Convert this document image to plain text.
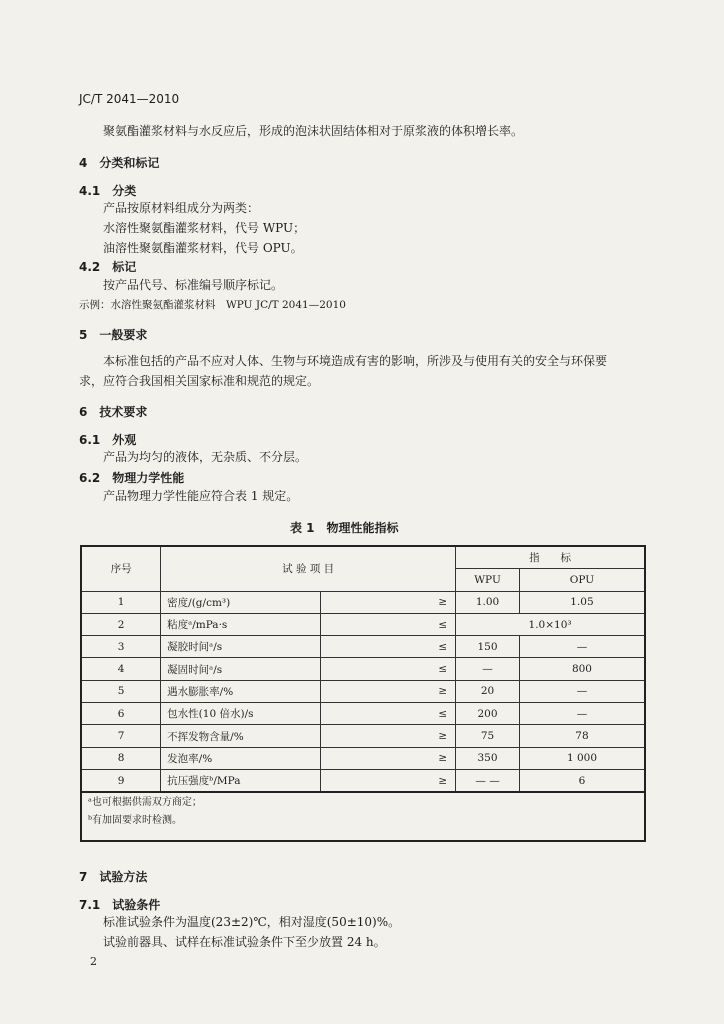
JC/T 2041—2010
聚氨酯灌浆材料与水反应后，形成的泡沫状固结体相对于原浆液的体积增长率。
4　分类和标记
4.1　分类
产品按原材料组成分为两类：
水溶性聚氨酯灌浆材料，代号 WPU；
油溶性聚氨酯灌浆材料，代号 OPU。
4.2　标记
按产品代号、标准编号顺序标记。
示例：水溶性聚氨酯灌浆材料　WPU JC/T 2041—2010
5　一般要求
本标准包括的产品不应对人体、生物与环境造成有害的影响，所涉及与使用有关的安全与环保要
求，应符合我国相关国家标准和规范的规定。
6　技术要求
6.1　外观
产品为均匀的液体，无杂质、不分层。
6.2　物理力学性能
产品物理力学性能应符合表 1 规定。
表 1　物理性能指标
序号	试 验 项 目		指　　标	
			WPU	OPU
1	密度/(g/cm³)	≥	1.00	1.05
2	粘度ᵃ/mPa·s	≤	1.0×10³	
3	凝胶时间ᵃ/s	≤	150	—
4	凝固时间ᵃ/s	≤	—	800
5	遇水膨胀率/%	≥	20	—
6	包水性(10 倍水)/s	≤	200	—
7	不挥发物含量/%	≥	75	78
8	发泡率/%	≥	350	1 000
9	抗压强度ᵇ/MPa	≥	— —	6
ᵃ也可根据供需双方商定；
ᵇ有加固要求时检测。
7　试验方法
7.1　试验条件
标准试验条件为温度(23±2)℃，相对湿度(50±10)%。
试验前器具、试样在标准试验条件下至少放置 24 h。
2
